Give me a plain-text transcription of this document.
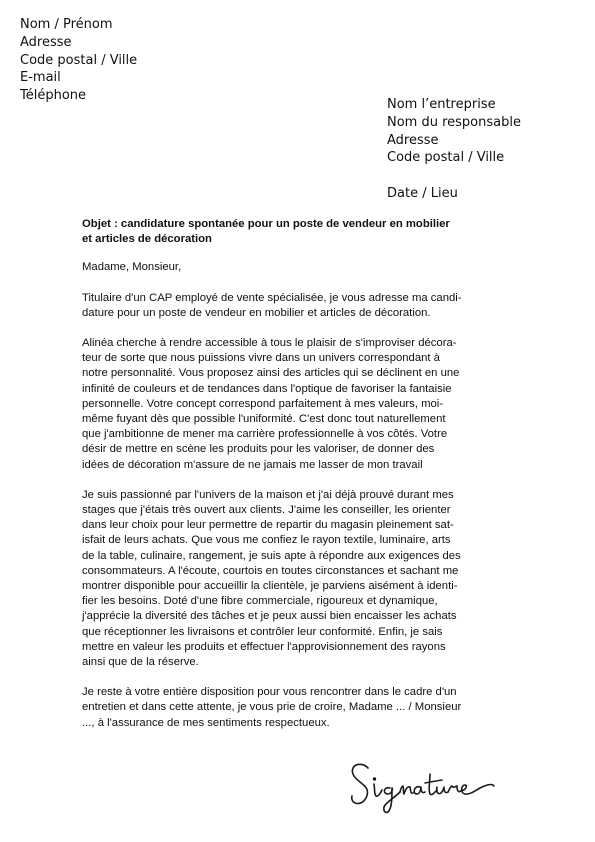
Nom / Prénom
Adresse
Code postal / Ville
E-mail
Téléphone
Nom l’entreprise
Nom du responsable
Adresse
Code postal / Ville
Date / Lieu
Objet : candidature spontanée pour un poste de vendeur en mobilier
et articles de décoration
Madame, Monsieur,
Titulaire d'un CAP employé de vente spécialisée, je vous adresse ma candi-
dature pour un poste de vendeur en mobilier et articles de décoration.
Alinéa cherche à rendre accessible à tous le plaisir de s'improviser décora-
teur de sorte que nous puissions vivre dans un univers correspondant à
notre personnalité. Vous proposez ainsi des articles qui se déclinent en une
infinité de couleurs et de tendances dans l'optique de favoriser la fantaisie
personnelle. Votre concept correspond parfaitement à mes valeurs, moi-
même fuyant dès que possible l'uniformité. C'est donc tout naturellement
que j'ambitionne de mener ma carrière professionnelle à vos côtés. Votre
désir de mettre en scène les produits pour les valoriser, de donner des
idées de décoration m'assure de ne jamais me lasser de mon travail
Je suis passionné par l'univers de la maison et j'ai déjà prouvé durant mes
stages que j'étais très ouvert aux clients. J'aime les conseiller, les orienter
dans leur choix pour leur permettre de repartir du magasin pleinement sat-
isfait de leurs achats. Que vous me confiez le rayon textile, luminaire, arts
de la table, culinaire, rangement, je suis apte à répondre aux exigences des
consommateurs. A l'écoute, courtois en toutes circonstances et sachant me
montrer disponible pour accueillir la clientèle, je parviens aisément à identi-
fier les besoins. Doté d'une fibre commerciale, rigoureux et dynamique,
j'apprécie la diversité des tâches et je peux aussi bien encaisser les achats
que réceptionner les livraisons et contrôler leur conformité. Enfin, je sais
mettre en valeur les produits et effectuer l'approvisionnement des rayons
ainsi que de la réserve.
Je reste à votre entière disposition pour vous rencontrer dans le cadre d'un
entretien et dans cette attente, je vous prie de croire, Madame ... / Monsieur
..., à l'assurance de mes sentiments respectueux.
